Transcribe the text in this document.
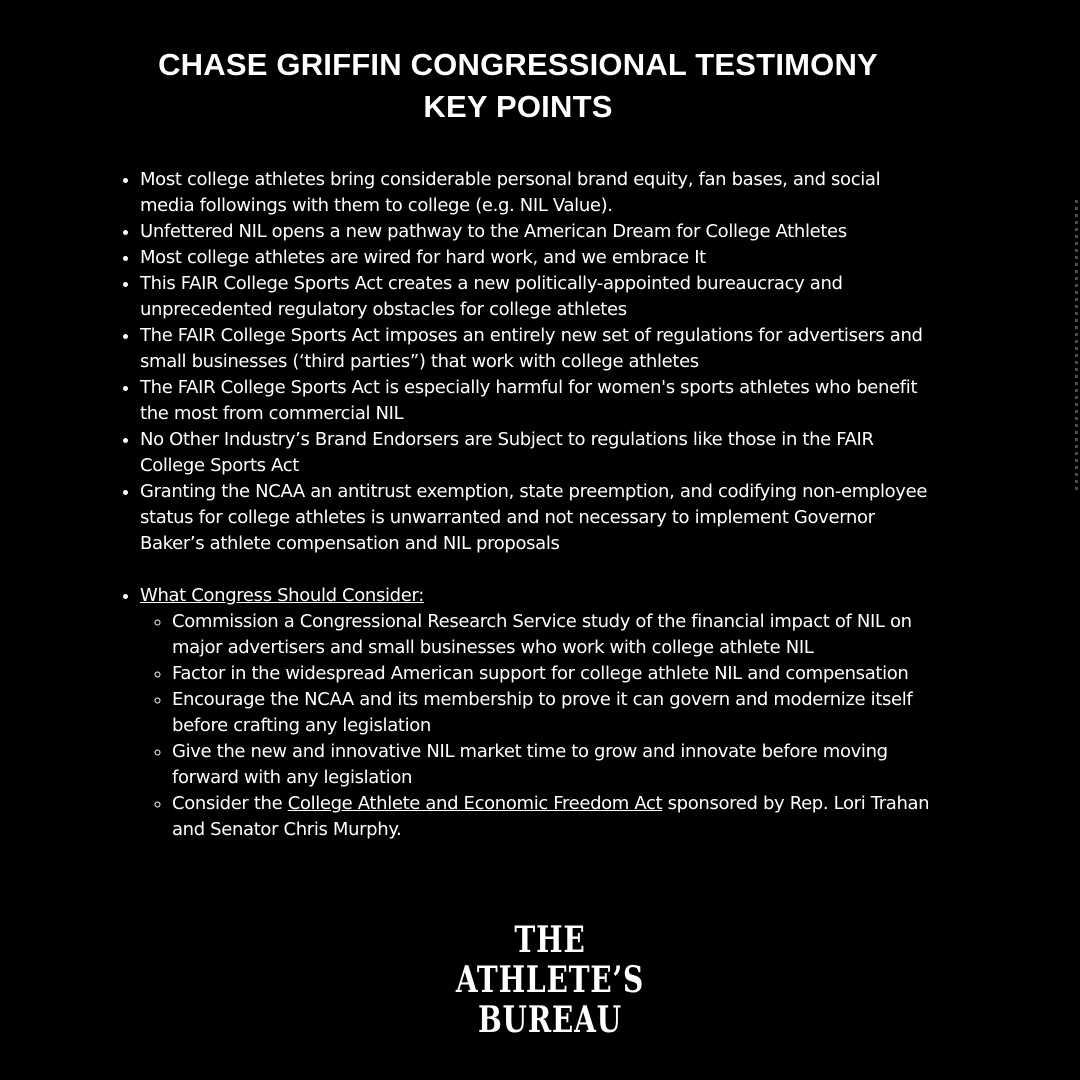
CHASE GRIFFIN CONGRESSIONAL TESTIMONY
KEY POINTS
• Most college athletes bring considerable personal brand equity, fan bases, and social media followings with them to college (e.g. NIL Value).
• Unfettered NIL opens a new pathway to the American Dream for College Athletes
• Most college athletes are wired for hard work, and we embrace It
• This FAIR College Sports Act creates a new politically-appointed bureaucracy and unprecedented regulatory obstacles for college athletes
• The FAIR College Sports Act imposes an entirely new set of regulations for advertisers and small businesses (‘third parties”) that work with college athletes
• The FAIR College Sports Act is especially harmful for women's sports athletes who benefit the most from commercial NIL
• No Other Industry’s Brand Endorsers are Subject to regulations like those in the FAIR College Sports Act
• Granting the NCAA an antitrust exemption, state preemption, and codifying non-employee status for college athletes is unwarranted and not necessary to implement Governor Baker’s athlete compensation and NIL proposals
• What Congress Should Consider:
◦ Commission a Congressional Research Service study of the financial impact of NIL on major advertisers and small businesses who work with college athlete NIL
◦ Factor in the widespread American support for college athlete NIL and compensation
◦ Encourage the NCAA and its membership to prove it can govern and modernize itself before crafting any legislation
◦ Give the new and innovative NIL market time to grow and innovate before moving forward with any legislation
◦ Consider the College Athlete and Economic Freedom Act sponsored by Rep. Lori Trahan and Senator Chris Murphy.
THE
ATHLETE’S
BUREAU
